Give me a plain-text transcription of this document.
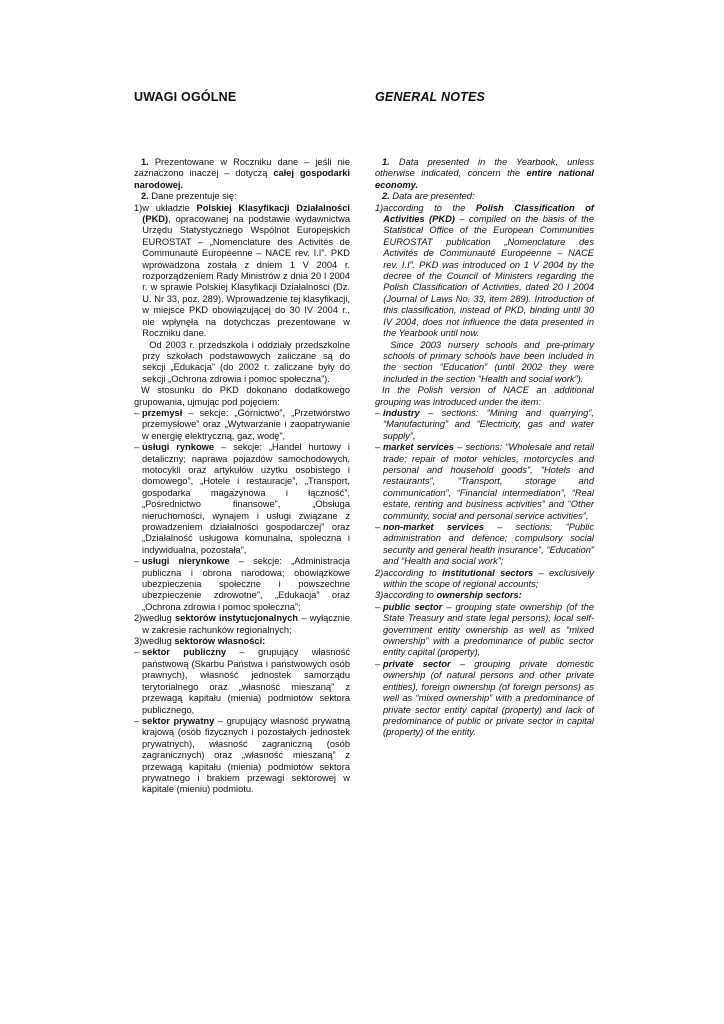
UWAGI OGÓLNE	GENERAL NOTES

1. Prezentowane w Roczniku dane – jeśli nie zaznaczono inaczej – dotyczą całej gospodarki narodowej.

2. Dane prezentuje się:

1) w układzie Polskiej Klasyfikacji Działalności (PKD), opracowanej na podstawie wydawnictwa Urzędu Statystycznego Wspólnot Europejskich EUROSTAT – „Nomenclature des Activités de Communauté Européenne – NACE rev. I.I”. PKD wprowadzona została z dniem 1 V 2004 r. rozporządzeniem Rady Ministrów z dnia 20 I 2004 r. w sprawie Polskiej Klasyfikacji Działalności (Dz. U. Nr 33, poz. 289). Wprowadzenie tej klasyfikacji, w miejsce PKD obowiązującej do 30 IV 2004 r., nie wpłynęła na dotychczas prezentowane w Roczniku dane.

Od 2003 r. przedszkola i oddziały przedszkolne przy szkołach podstawowych zaliczane są do sekcji „Edukacja” (do 2002 r. zaliczane były do sekcji „Ochrona zdrowia i pomoc społeczna”).

W stosunku do PKD dokonano dodatkowego grupowania, ujmując pod pojęciem:

– przemysł – sekcje: „Górnictwo”, „Przetwórstwo przemysłowe” oraz „Wytwarzanie i zaopatrywanie w energię elektryczną, gaz, wodę”,

– usługi rynkowe – sekcje: „Handel hurtowy i detaliczny; naprawa pojazdów samochodowych, motocykli oraz artykułów użytku osobistego i domowego”, „Hotele i restauracje”, „Transport, gospodarka magazynowa i łączność”, „Pośrednictwo finansowe”, „Obsługa nieruchomości, wynajem i usługi związane z prowadzeniem działalności gospodarczej” oraz „Działalność usługowa komunalna, społeczna i indywidualna, pozostała”,

– usługi nierynkowe – sekcje: „Administracja publiczna i obrona narodowa; obowiązkowe ubezpieczenia społeczne i powszechne ubezpieczenie zdrowotne”, „Edukacja” oraz „Ochrona zdrowia i pomoc społeczna”;

2) według sektorów instytucjonalnych – wyłącznie w zakresie rachunków regionalnych;

3) według sektorów własności:

– sektor publiczny – grupujący własność państwową (Skarbu Państwa i państwowych osób prawnych), własność jednostek samorządu terytorialnego oraz „własność mieszaną” z przewagą kapitału (mienia) podmiotów sektora publicznego,

– sektor prywatny – grupujący własność prywatną krajową (osób fizycznych i pozostałych jednostek prywatnych), własność zagraniczną (osób zagranicznych) oraz „własność mieszaną” z przewagą kapitału (mienia) podmiotów sektora prywatnego i brakiem przewagi sektorowej w kapitale (mieniu) podmiotu.

1. Data presented in the Yearbook, unless otherwise indicated, concern the entire national economy.

2. Data are presented:

1) according to the Polish Classification of Activities (PKD) – compiled on the basis of the Statistical Office of the European Communities EUROSTAT publication „Nomenclature des Activités de Communauté Européenne – NACE rev. I.I”. PKD was introduced on 1 V 2004 by the decree of the Council of Ministers regarding the Polish Classification of Activities, dated 20 I 2004 (Journal of Laws No. 33, item 289). Introduction of this classification, instead of PKD, binding until 30 IV 2004, does not influence the data presented in the Yearbook until now.

Since 2003 nursery schools and pre-primary schools of primary schools have been included in the section “Education” (until 2002 they were included in the section “Health and social work”).

In the Polish version of NACE an additional grouping was introduced under the item:

– industry – sections: “Mining and quarrying”, “Manufacturing” and “Electricity, gas and water supply”,

– market services – sections: “Wholesale and retail trade; repair of motor vehicles, motorcycles and personal and household goods”, “Hotels and restaurants”, “Transport, storage and communication”, “Financial intermediation”, “Real estate, renting and business activities” and “Other community, social and personal service activities”,

– non-market services – sections: “Public administration and defence; compulsory social security and general health insurance”, “Education” and “Health and social work”;

2) according to institutional sectors – exclusively within the scope of regional accounts;

3) according to ownership sectors:

– public sector – grouping state ownership (of the State Treasury and state legal persons), local self-government entity ownership as well as “mixed ownership” with a predominance of public sector entity capital (property),

– private sector – grouping private domestic ownership (of natural persons and other private entities), foreign ownership (of foreign persons) as well as “mixed ownership” with a predominance of private sector entity capital (property) and lack of predominance of public or private sector in capital (property) of the entity.
